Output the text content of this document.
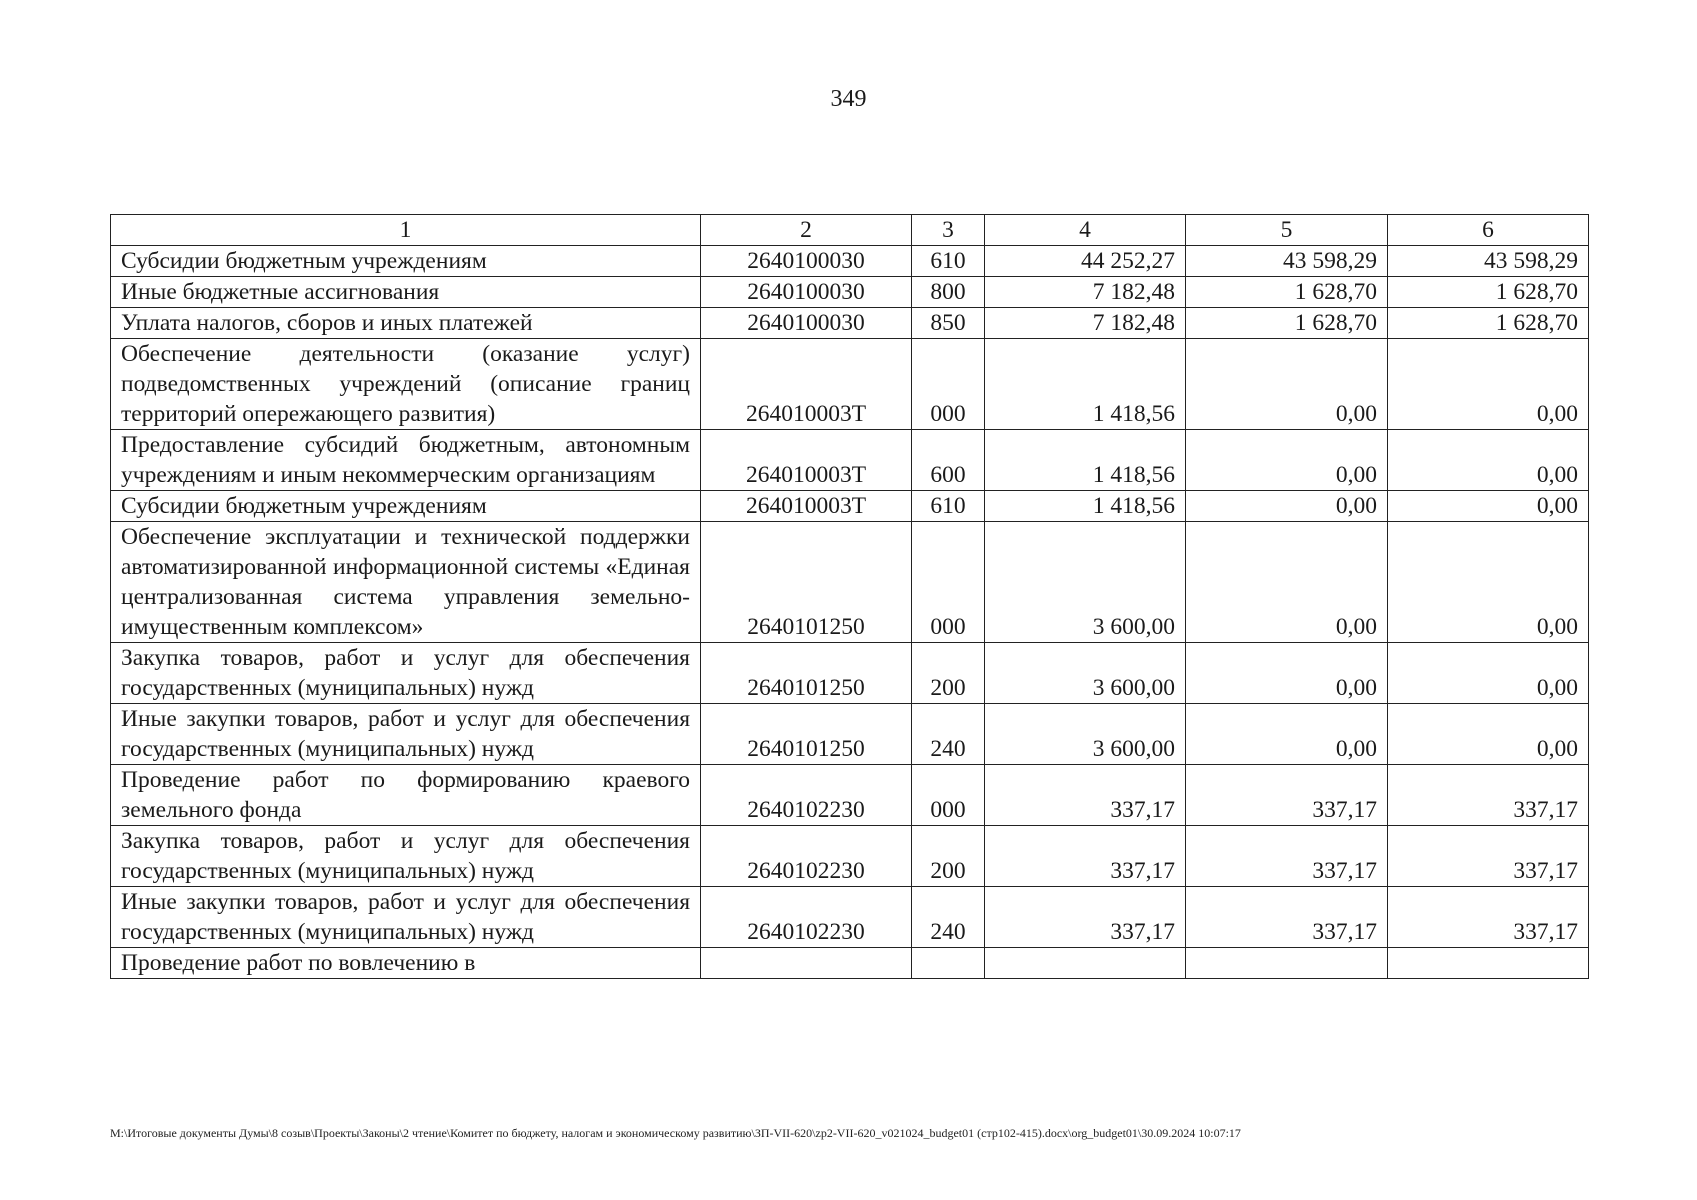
349
1	2	3	4	5	6
Субсидии бюджетным учреждениям	2640100030	610	44 252,27	43 598,29	43 598,29
Иные бюджетные ассигнования	2640100030	800	7 182,48	1 628,70	1 628,70
Уплата налогов, сборов и иных платежей	2640100030	850	7 182,48	1 628,70	1 628,70
Обеспечение деятельности (оказание услуг) подведомственных учреждений (описание границ территорий опережающего развития)	264010003Т	000	1 418,56	0,00	0,00
Предоставление субсидий бюджетным, автономным учреждениям и иным некоммерческим организациям	264010003Т	600	1 418,56	0,00	0,00
Субсидии бюджетным учреждениям	264010003Т	610	1 418,56	0,00	0,00
Обеспечение эксплуатации и технической поддержки автоматизированной информационной системы «Единая централизованная система управления земельно-имущественным комплексом»	2640101250	000	3 600,00	0,00	0,00
Закупка товаров, работ и услуг для обеспечения государственных (муниципальных) нужд	2640101250	200	3 600,00	0,00	0,00
Иные закупки товаров, работ и услуг для обеспечения государственных (муниципальных) нужд	2640101250	240	3 600,00	0,00	0,00
Проведение работ по формированию краевого земельного фонда	2640102230	000	337,17	337,17	337,17
Закупка товаров, работ и услуг для обеспечения государственных (муниципальных) нужд	2640102230	200	337,17	337,17	337,17
Иные закупки товаров, работ и услуг для обеспечения государственных (муниципальных) нужд	2640102230	240	337,17	337,17	337,17
Проведение работ по вовлечению в					
M:\Итоговые документы Думы\8 созыв\Проекты\Законы\2 чтение\Комитет по бюджету, налогам и экономическому развитию\ЗП-VII-620\zp2-VII-620_v021024_budget01 (стр102-415).docx\org_budget01\30.09.2024 10:07:17
